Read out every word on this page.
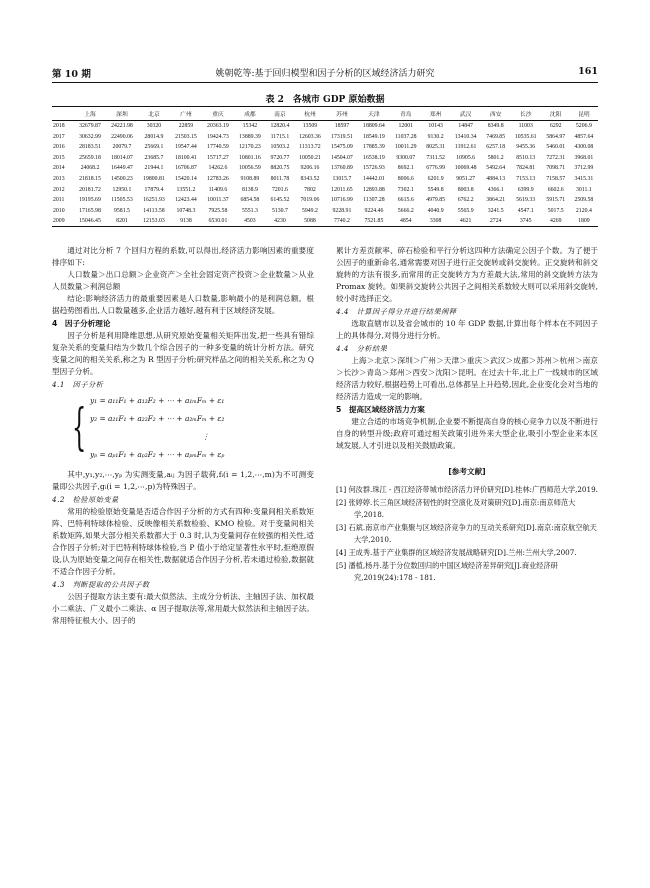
第 10 期	姚朝乾等:基于回归模型和因子分析的区域经济活力研究	161
表 2　各城市 GDP 原始数据
	上海	深圳	北京	广州	重庆	成都	南京	杭州	苏州	天津	青岛	郑州	武汉	西安	长沙	沈阳	昆明
2018	32679.87	24221.98	30320	22859	20363.19	15342	12820.4	13509	18597	18809.64	12001	10143	14847	8349.8	11003	6292	5206.9
2017	30632.99	22490.06	28014.9	21503.15	19424.73	13889.39	11715.1	12603.36	17319.51	18549.19	11037.28	9130.2	13410.34	7469.85	10535.61	5864.97	4857.64
2016	28183.51	20079.7	25669.1	19547.44	17740.59	12170.23	10503.2	11313.72	15475.09	17885.39	10011.29	8025.31	11912.61	6257.18	9455.36	5460.01	4300.08
2015	25659.18	18014.07	23685.7	18100.41	15717.27	10801.16	9720.77	10050.21	14504.07	16538.19	9300.07	7311.52	10905.6	5801.2	8510.13	7272.31	3968.01
2014	24068.2	16449.47	21944.1	16706.87	14262.6	10056.59	8820.75	9206.16	13760.89	15726.93	8692.1	6776.99	10069.48	5492.64	7824.81	7098.71	3712.99
2013	21818.15	14500.23	19800.81	15420.14	12783.26	9108.89	8011.78	8343.52	13015.7	14442.01	8006.6	6201.9	9051.27	4884.13	7153.13	7158.57	3415.31
2012	20181.72	12950.1	17879.4	13551.2	11409.6	8138.9	7201.6	7802	12011.65	12893.88	7302.1	5549.8	8003.8	4366.1	6399.9	6602.6	3011.1
2011	19195.69	11505.53	16251.93	12423.44	10011.37	6854.58	6145.52	7019.06	10716.99	11307.28	6615.6	4979.85	6762.2	3864.21	5619.33	5915.71	2509.58
2010	17165.98	9581.5	14113.58	10748.3	7925.58	5551.3	5130.7	5949.2	9228.91	9224.46	5666.2	4040.9	5565.9	3241.5	4547.1	5017.5	2120.4
2009	15046.45	8201	12153.03	9138	6530.01	4503	4230	5088	7740.2	7521.85	4854	3308	4621	2724	3745	4269	1809

通过对比分析 7 个回归方程的系数,可以得出,经济活力影响因素的重要度排序如下:

人口数量＞出口总额＞企业资产＞全社会固定资产投资＞企业数量＞从业人员数量＞利润总额

结论:影响经济活力的最重要因素是人口数量,影响最小的是利润总额。根据趋势图看出,人口数量越多,企业活力越好,越有利于区域经济发展。

4　因子分析理论

因子分析是利用降维思想,从研究原始变量相关矩阵出发,把一些具有错综复杂关系的变量归结为少数几个综合因子的一种多变量的统计分析方法。研究变量之间的相关关系,称之为 R 型因子分析;研究样品之间的相关关系,称之为 Q 型因子分析。

4.1　因子分析
{ y₁ = a₁₁F₁ + a₁₂F₂ + ⋯ + a₁ₘFₘ + ε₁
y₂ = a₂₁F₁ + a₂₂F₂ + ⋯ + a₂ₘFₘ + ε₂
⋮
yₚ = aₚ₁F₁ + aₚ₂F₂ + ⋯ + aₚₘFₘ + εₚ

其中,y₁,y₂,⋯,yₚ 为实测变量,aᵢⱼ 为因子载荷,fᵢ(i = 1,2,⋯,m)为不可测变量即公共因子,gᵢ(i = 1,2,⋯,p)为特殊因子。

4.2　检验原始变量

常用的检验原始变量是否适合作因子分析的方式有四种:变量间相关系数矩阵、巴特利特球体检验、反映像相关系数检验、KMO 检验。对于变量间相关系数矩阵,如果大部分相关系数都大于 0.3 时,认为变量间存在较强的相关性,适合作因子分析;对于巴特利特球体检验,当 P 值小于给定显著性水平时,拒绝原假设,认为原始变量之间存在相关性,数据就适合作因子分析,若未通过检验,数据就不适合作因子分析。

4.3　判断提取的公共因子数

公因子提取方法主要有:最大似然法、主成分分析法、主轴因子法、加权最小二乘法、广义最小二乘法、α 因子提取法等,常用最大似然法和主轴因子法。常用特征根大小、因子的

累计方差贡献率、碎石检验和平行分析这四种方法确定公因子个数。为了便于公因子的重新命名,通常需要对因子进行正交旋转或斜交旋转。正交旋转和斜交旋转的方法有很多,而常用的正交旋转方为方差最大法,常用的斜交旋转方法为 Promax 旋转。如果斜交旋转公共因子之间相关系数较大则可以采用斜交旋转,较小时选择正交。

4.4　计算因子得分并进行结果阐释

选取直辖市以及省会城市的 10 年 GDP 数据,计算出每个样本在不同因子上的具体得分,对得分进行分析。

4.4　分析结果

上海＞北京＞深圳＞广州＞天津＞重庆＞武汉＞成都＞苏州＞杭州＞南京＞长沙＞青岛＞郑州＞西安＞沈阳＞昆明。在过去十年,北上广一线城市的区域经济活力较好,根据趋势上可看出,总体都呈上升趋势,因此,企业变化会对当地的经济活力造成一定的影响。

5　提高区域经济活力方案

建立合适的市场竞争机制,企业要不断提高自身的核心竞争力以及不断进行自身的转型升级;政府可通过相关政策引进外来大型企业,吸引小型企业来本区域发展,人才引进以及相关鼓励政策。

[参考文献]
[1] 何汝群.珠江 - 西江经济带城市经济活力评价研究[D].桂林:广西师范大学,2019.
[2] 张婷婷.长三角区域经济韧性的时空演化及对策研究[D].南京:南京师范大学,2018.
[3] 石斌.南京市产业集聚与区域经济竞争力的互动关系研究[D].南京:南京航空航天大学,2010.
[4] 王成秀.基于产业集群的区域经济发展战略研究[D].兰州:兰州大学,2007.
[5] 潘植,杨丹.基于分位数回归的中国区域经济差异研究[J].商业经济研究,2019(24):178 - 181.
